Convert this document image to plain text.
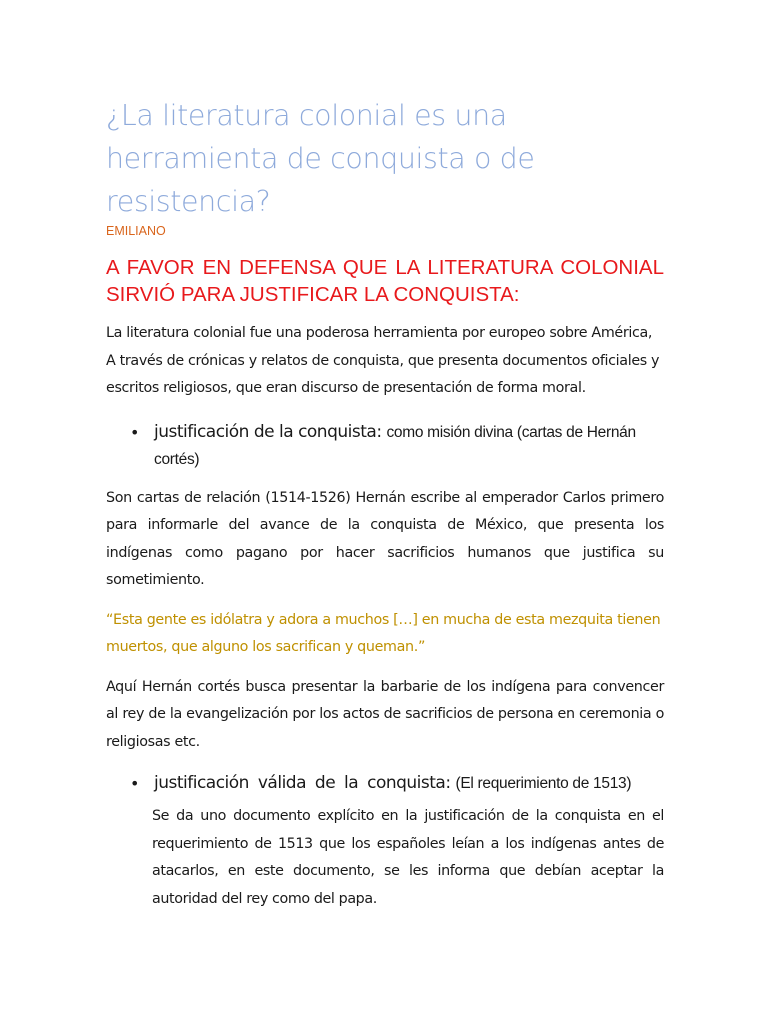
¿La literatura colonial es una herramienta de conquista o de resistencia?
EMILIANO
A FAVOR EN DEFENSA QUE LA LITERATURA COLONIAL SIRVIÓ PARA JUSTIFICAR LA CONQUISTA:

La literatura colonial fue una poderosa herramienta por europeo sobre América, A través de crónicas y relatos de conquista, que presenta documentos oficiales y escritos religiosos, que eran discurso de presentación de forma moral.

• justificación de la conquista: como misión divina (cartas de Hernán cortés)

Son cartas de relación (1514-1526) Hernán escribe al emperador Carlos primero para informarle del avance de la conquista de México, que presenta los indígenas como pagano por hacer sacrificios humanos que justifica su sometimiento.

“Esta gente es idólatra y adora a muchos […] en mucha de esta mezquita tienen muertos, que alguno los sacrifican y queman.”

Aquí Hernán cortés busca presentar la barbarie de los indígena para convencer al rey de la evangelización por los actos de sacrificios de persona en ceremonia o religiosas etc.

• justificación válida de la conquista: (El requerimiento de 1513)

Se da uno documento explícito en la justificación de la conquista en el requerimiento de 1513 que los españoles leían a los indígenas antes de atacarlos, en este documento, se les informa que debían aceptar la autoridad del rey como del papa.
